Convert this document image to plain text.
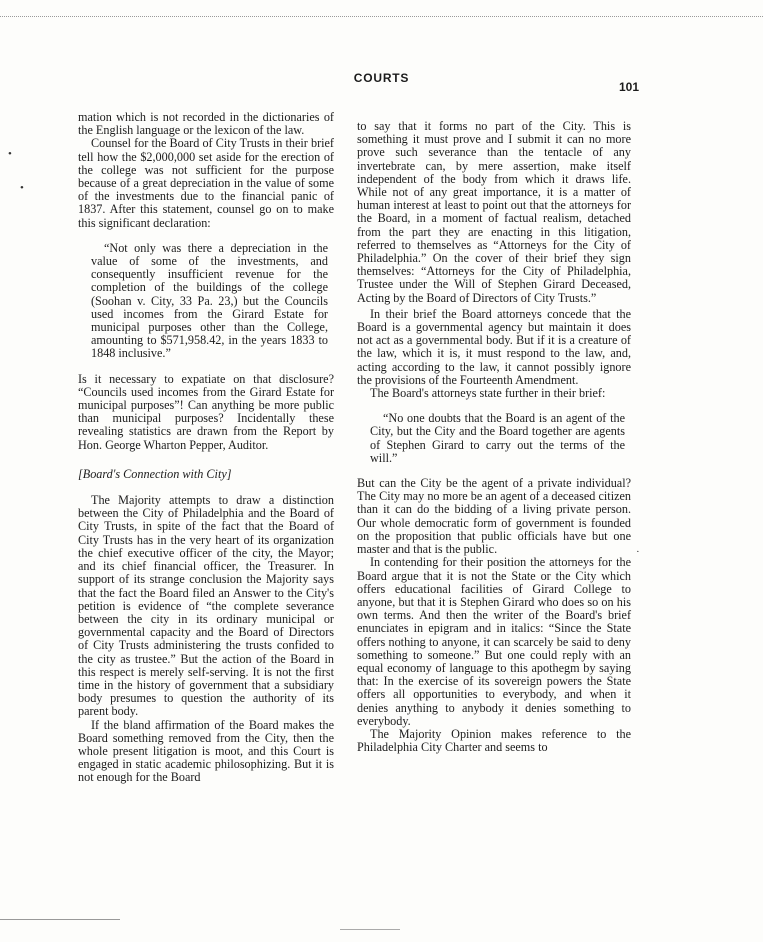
COURTS
101
•
•
·

mation which is not recorded in the dictionaries of the English language or the lexicon of the law.

Counsel for the Board of City Trusts in their brief tell how the $2,000,000 set aside for the erection of the college was not sufficient for the purpose because of a great depreciation in the value of some of the investments due to the financial panic of 1837. After this statement, counsel go on to make this significant declaration:

“Not only was there a depreciation in the value of some of the investments, and consequently insufficient revenue for the completion of the buildings of the college (Soohan v. City, 33 Pa. 23,) but the Councils used incomes from the Girard Estate for municipal purposes other than the College, amounting to $571,958.42, in the years 1833 to 1848 inclusive.”

Is it necessary to expatiate on that disclosure? “Councils used incomes from the Girard Estate for municipal purposes”! Can anything be more public than municipal purposes? Incidentally these revealing statistics are drawn from the Report by Hon. George Wharton Pepper, Auditor.

[Board's Connection with City]

The Majority attempts to draw a distinction between the City of Philadelphia and the Board of City Trusts, in spite of the fact that the Board of City Trusts has in the very heart of its organization the chief executive officer of the city, the Mayor; and its chief financial officer, the Treasurer. In support of its strange conclusion the Majority says that the fact the Board filed an Answer to the City's petition is evidence of “the complete severance between the city in its ordinary municipal or governmental capacity and the Board of Directors of City Trusts administering the trusts confided to the city as trustee.” But the action of the Board in this respect is merely self-serving. It is not the first time in the history of government that a subsidiary body presumes to question the authority of its parent body.

If the bland affirmation of the Board makes the Board something removed from the City, then the whole present litigation is moot, and this Court is engaged in static academic philosophizing. But it is not enough for the Board

to say that it forms no part of the City. This is something it must prove and I submit it can no more prove such severance than the tentacle of any invertebrate can, by mere assertion, make itself independent of the body from which it draws life. While not of any great importance, it is a matter of human interest at least to point out that the attorneys for the Board, in a moment of factual realism, detached from the part they are enacting in this litigation, referred to themselves as “Attorneys for the City of Philadelphia.” On the cover of their brief they sign themselves: “Attorneys for the City of Philadelphia, Trustee under the Will of Stephen Girard Deceased, Acting by the Board of Directors of City Trusts.”

In their brief the Board attorneys concede that the Board is a governmental agency but maintain it does not act as a governmental body. But if it is a creature of the law, which it is, it must respond to the law, and, acting according to the law, it cannot possibly ignore the provisions of the Fourteenth Amendment.

The Board's attorneys state further in their brief:

“No one doubts that the Board is an agent of the City, but the City and the Board together are agents of Stephen Girard to carry out the terms of the will.”

But can the City be the agent of a private individual? The City may no more be an agent of a deceased citizen than it can do the bidding of a living private person. Our whole democratic form of government is founded on the proposition that public officials have but one master and that is the public.

In contending for their position the attorneys for the Board argue that it is not the State or the City which offers educational facilities of Girard College to anyone, but that it is Stephen Girard who does so on his own terms. And then the writer of the Board's brief enunciates in epigram and in italics: “Since the State offers nothing to anyone, it can scarcely be said to deny something to someone.” But one could reply with an equal economy of language to this apothegm by saying that: In the exercise of its sovereign powers the State offers all opportunities to everybody, and when it denies anything to anybody it denies something to everybody.

The Majority Opinion makes reference to the Philadelphia City Charter and seems to
